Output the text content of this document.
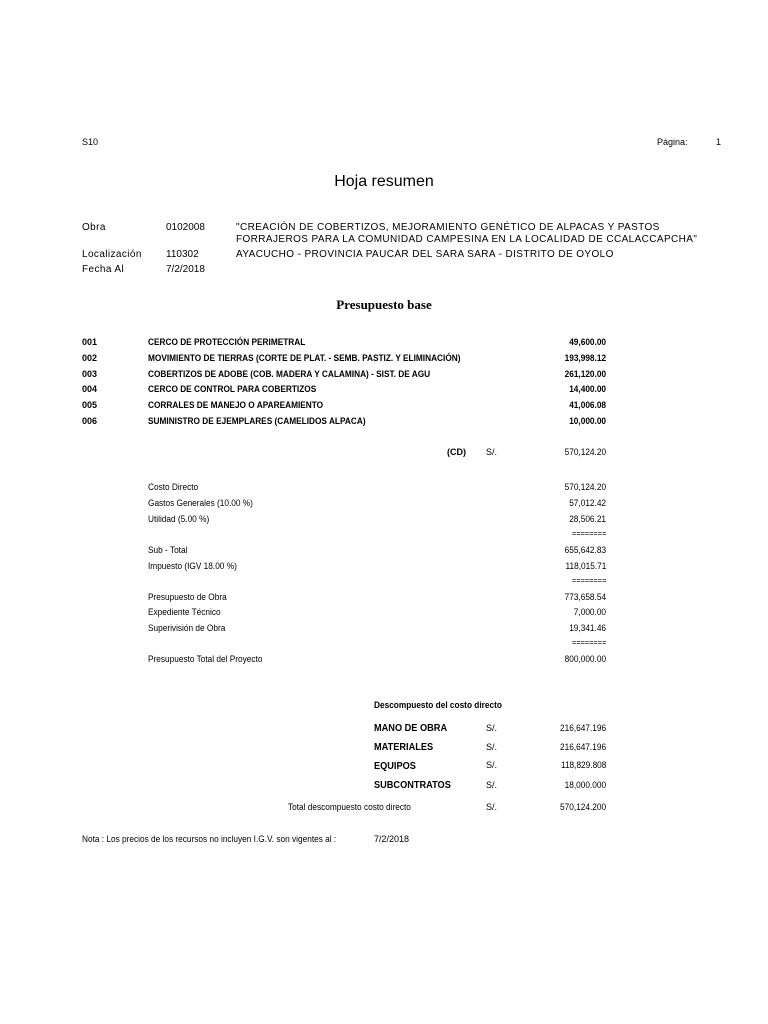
S10	Página:	1
Hoja resumen
Obra	0102008	"CREACIÓN DE COBERTIZOS, MEJORAMIENTO GENÉTICO DE ALPACAS Y PASTOS
FORRAJEROS PARA LA COMUNIDAD CAMPESINA EN LA LOCALIDAD DE CCALACCAPCHA"
Localización 110302	AYACUCHO - PROVINCIA PAUCAR DEL SARA SARA - DISTRITO DE OYOLO
Fecha Al	7/2/2018
Presupuesto base
001	CERCO DE PROTECCIÓN PERIMETRAL	49,600.00
002	MOVIMIENTO DE TIERRAS (CORTE DE PLAT. - SEMB. PASTIZ. Y ELIMINACIÓN)	193,998.12
003	COBERTIZOS DE ADOBE (COB. MADERA Y CALAMINA) - SIST. DE AGU	261,120.00
004	CERCO DE CONTROL PARA COBERTIZOS	14,400.00
005	CORRALES DE MANEJO O APAREAMIENTO	41,006.08
006	SUMINISTRO DE EJEMPLARES (CAMELIDOS ALPACA)	10,000.00
(CD) S/.	570,124.20
Costo Directo	570,124.20
Gastos Generales (10.00 %)	57,012.42
Utilidad (5.00 %)	28,506.21
========
Sub - Total	655,642.83
Impuesto (IGV 18.00 %)	118,015.71
========
Presupuesto de Obra	773,658.54
Expediente Técnico	7,000.00
Superivisión de Obra	19,341.46
========
Presupuesto Total del Proyecto	800,000.00
Descompuesto del costo directo
MANO DE OBRA	S/.	216,647.196
MATERIALES	S/.	216,647.196
EQUIPOS	S/.	118,829.808
SUBCONTRATOS	S/.	18,000.000
Total descompuesto costo directo	S/.	570,124.200
Nota : Los precios de los recursos no incluyen I.G.V. son vigentes al :	7/2/2018
